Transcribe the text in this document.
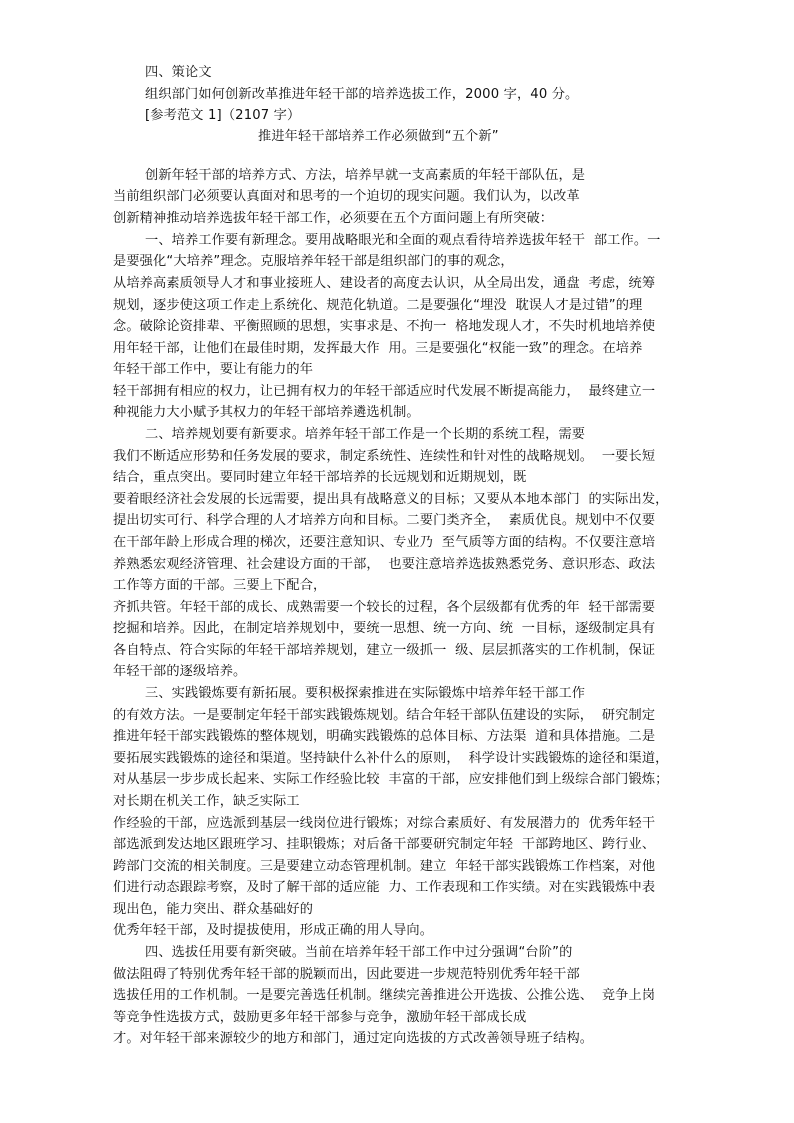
四、策论文
组织部门如何创新改革推进年轻干部的培养选拔工作，2000 字，40 分。
[参考范文 1]（2107 字）
推进年轻干部培养工作必须做到“五个新”
创新年轻干部的培养方式、方法，培养早就一支高素质的年轻干部队伍，是
当前组织部门必须要认真面对和思考的一个迫切的现实问题。我们认为，以改革
创新精神推动培养选拔年轻干部工作，必须要在五个方面问题上有所突破：
一、培养工作要有新理念。要用战略眼光和全面的观点看待培养选拔年轻干  部工作。一
是要强化“大培养”理念。克服培养年轻干部是组织部门的事的观念，
从培养高素质领导人才和事业接班人、建设者的高度去认识，从全局出发，通盘  考虑，统筹
规划，逐步使这项工作走上系统化、规范化轨道。二是要强化“埋没  耽误人才是过错”的理
念。破除论资排辈、平衡照顾的思想，实事求是、不拘一  格地发现人才，不失时机地培养使
用年轻干部，让他们在最佳时期，发挥最大作  用。三是要强化“权能一致”的理念。在培养
年轻干部工作中，要让有能力的年
轻干部拥有相应的权力，让已拥有权力的年轻干部适应时代发展不断提高能力，  最终建立一
种视能力大小赋予其权力的年轻干部培养遴选机制。
二、培养规划要有新要求。培养年轻干部工作是一个长期的系统工程，需要
我们不断适应形势和任务发展的要求，制定系统性、连续性和针对性的战略规划。  一要长短
结合，重点突出。要同时建立年轻干部培养的长远规划和近期规划，既
要着眼经济社会发展的长远需要，提出具有战略意义的目标；又要从本地本部门  的实际出发，
提出切实可行、科学合理的人才培养方向和目标。二要门类齐全，  素质优良。规划中不仅要
在干部年龄上形成合理的梯次，还要注意知识、专业乃  至气质等方面的结构。不仅要注意培
养熟悉宏观经济管理、社会建设方面的干部，  也要注意培养选拔熟悉党务、意识形态、政法
工作等方面的干部。三要上下配合，
齐抓共管。年轻干部的成长、成熟需要一个较长的过程，各个层级都有优秀的年  轻干部需要
挖掘和培养。因此，在制定培养规划中，要统一思想、统一方向、统  一目标，逐级制定具有
各自特点、符合实际的年轻干部培养规划，建立一级抓一  级、层层抓落实的工作机制，保证
年轻干部的逐级培养。
三、实践锻炼要有新拓展。要积极探索推进在实际锻炼中培养年轻干部工作
的有效方法。一是要制定年轻干部实践锻炼规划。结合年轻干部队伍建设的实际，  研究制定
推进年轻干部实践锻炼的整体规划，明确实践锻炼的总体目标、方法渠  道和具体措施。二是
要拓展实践锻炼的途径和渠道。坚持缺什么补什么的原则，  科学设计实践锻炼的途径和渠道，
对从基层一步步成长起来、实际工作经验比较  丰富的干部，应安排他们到上级综合部门锻炼；
对长期在机关工作，缺乏实际工
作经验的干部，应选派到基层一线岗位进行锻炼；对综合素质好、有发展潜力的  优秀年轻干
部选派到发达地区跟班学习、挂职锻炼；对后备干部要研究制定年轻  干部跨地区、跨行业、
跨部门交流的相关制度。三是要建立动态管理机制。建立  年轻干部实践锻炼工作档案，对他
们进行动态跟踪考察，及时了解干部的适应能  力、工作表现和工作实绩。对在实践锻炼中表
现出色，能力突出、群众基础好的
优秀年轻干部，及时提拔使用，形成正确的用人导向。
四、选拔任用要有新突破。当前在培养年轻干部工作中过分强调“台阶”的
做法阻碍了特别优秀年轻干部的脱颖而出，因此要进一步规范特别优秀年轻干部
选拔任用的工作机制。一是要完善选任机制。继续完善推进公开选拔、公推公选、  竞争上岗
等竞争性选拔方式，鼓励更多年轻干部参与竞争，激励年轻干部成长成
才。对年轻干部来源较少的地方和部门，通过定向选拔的方式改善领导班子结构。
